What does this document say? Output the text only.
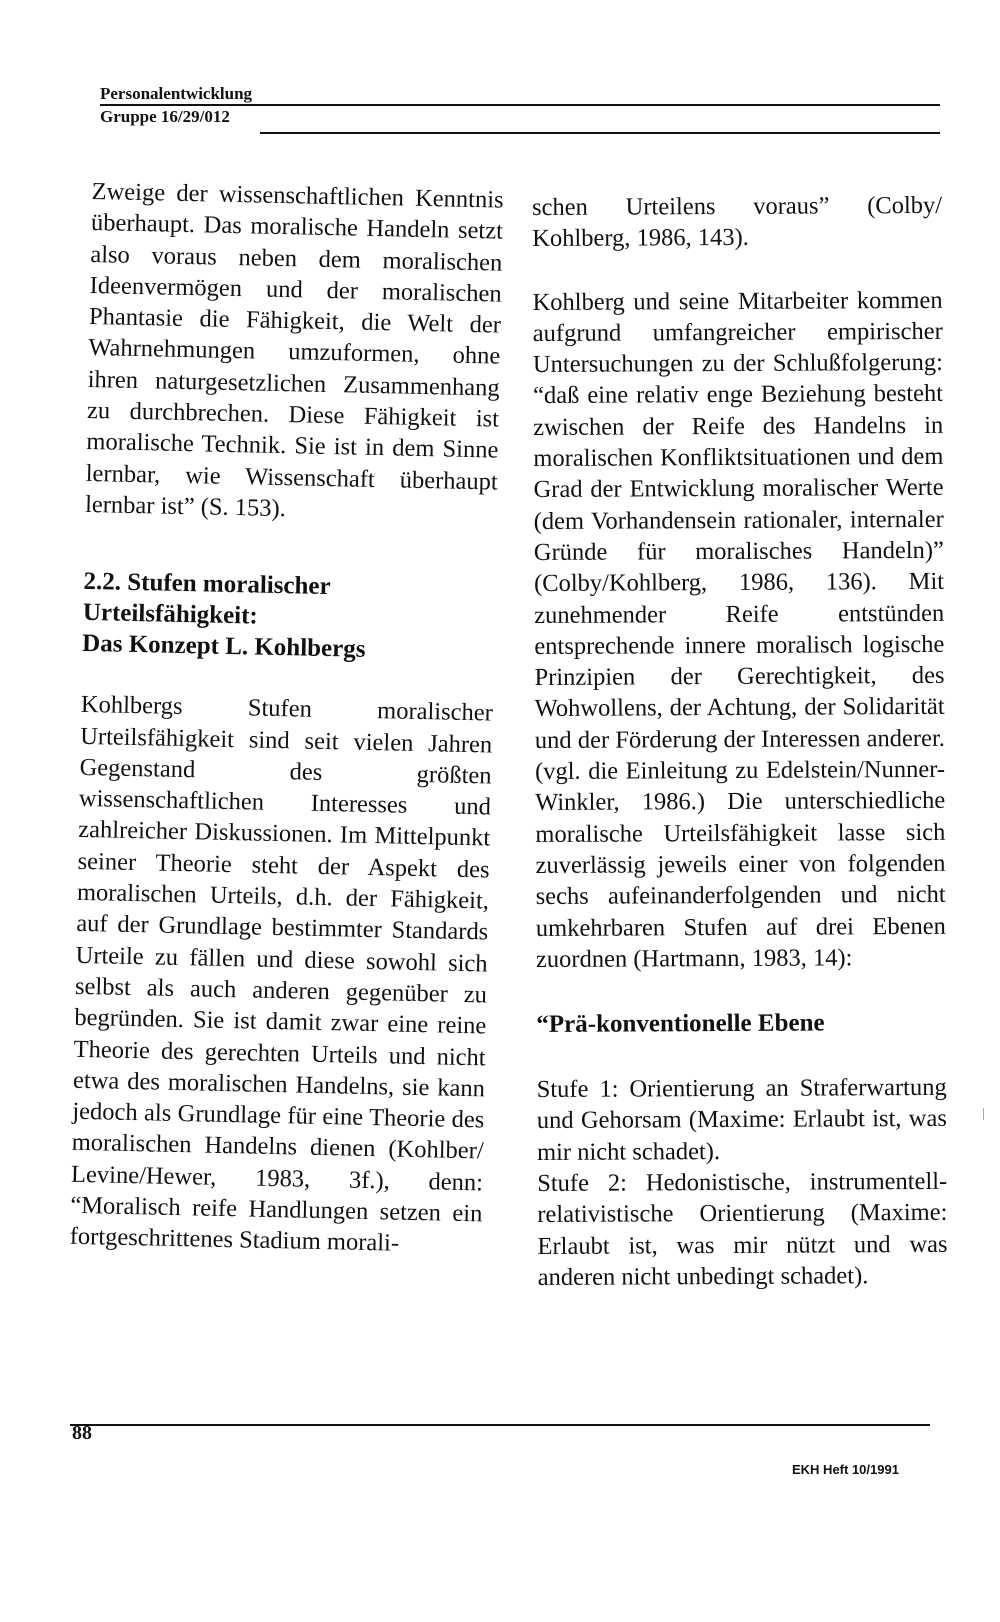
Personalentwicklung
Gruppe 16/29/012

Zweige der wissenschaftlichen Kenntnis überhaupt. Das moralische Handeln setzt also voraus neben dem moralischen Ideenvermögen und der moralischen Phantasie die Fähigkeit, die Welt der Wahrnehmungen umzuformen, ohne ihren naturgesetzlichen Zusammenhang zu durchbrechen. Diese Fähigkeit ist moralische Technik. Sie ist in dem Sinne lernbar, wie Wissenschaft überhaupt lernbar ist” (S. 153).

2.2. Stufen moralischer

Urteilsfähigkeit:

Das Konzept L. Kohlbergs

Kohlbergs Stufen moralischer Urteilsfähigkeit sind seit vielen Jahren Gegenstand des größten wissenschaftlichen Interesses und zahlreicher Diskussionen. Im Mittelpunkt seiner Theorie steht der Aspekt des moralischen Urteils, d.h. der Fähigkeit, auf der Grundlage bestimmter Standards Urteile zu fällen und diese sowohl sich selbst als auch anderen gegenüber zu begründen. Sie ist damit zwar eine reine Theorie des gerechten Urteils und nicht etwa des moralischen Handelns, sie kann jedoch als Grundlage für eine Theorie des moralischen Handelns dienen (Kohlber/ Levine/Hewer, 1983, 3f.), denn: “Moralisch reife Handlungen setzen ein fortgeschrittenes Stadium morali-

schen Urteilens voraus” (Colby/ Kohlberg, 1986, 143).

Kohlberg und seine Mitarbeiter kommen aufgrund umfangreicher empirischer Untersuchungen zu der Schlußfolgerung: “daß eine relativ enge Beziehung besteht zwischen der Reife des Handelns in moralischen Konfliktsituationen und dem Grad der Entwicklung moralischer Werte (dem Vorhandensein rationaler, internaler Gründe für moralisches Handeln)” (Colby/Kohlberg, 1986, 136). Mit zunehmender Reife entstünden entsprechende innere moralisch logische Prinzipien der Gerechtigkeit, des Wohwollens, der Achtung, der Solidarität und der Förderung der Interessen anderer. (vgl. die Einleitung zu Edelstein/Nunner-Winkler, 1986.) Die unterschiedliche moralische Urteilsfähigkeit lasse sich zuverlässig jeweils einer von folgenden sechs aufeinanderfolgenden und nicht umkehrbaren Stufen auf drei Ebenen zuordnen (Hartmann, 1983, 14):

“Prä-konventionelle Ebene

Stufe 1: Orientierung an Straferwartung und Gehorsam (Maxime: Erlaubt ist, was mir nicht schadet).

Stufe 2: Hedonistische, instrumentell-relativistische Orientierung (Maxime: Erlaubt ist, was mir nützt und was anderen nicht unbedingt schadet).

88
EKH Heft 10/1991
